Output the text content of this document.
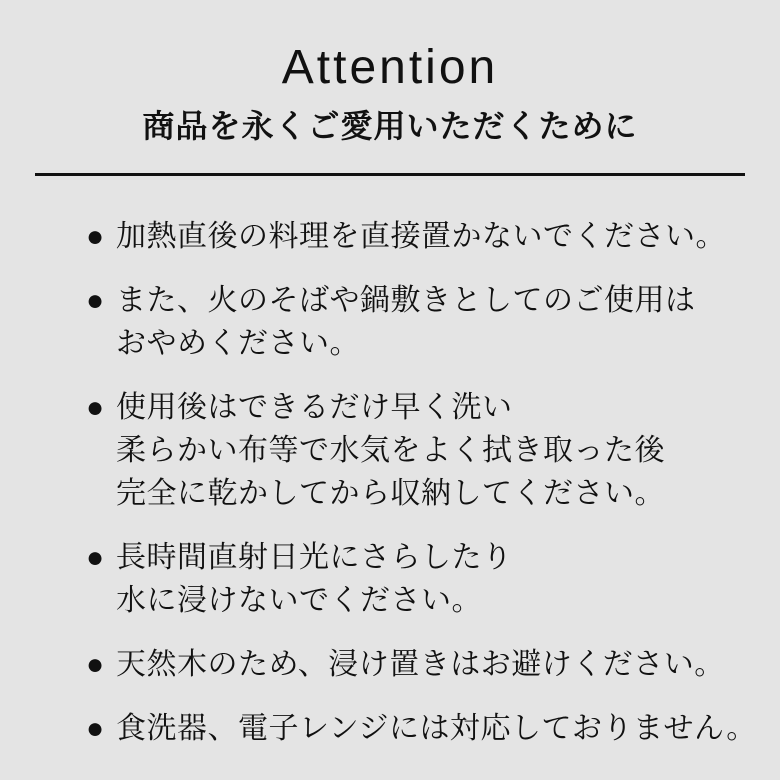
Attention
商品を永くご愛用いただくために
● 加熱直後の料理を直接置かないでください。
● また、火のそばや鍋敷きとしてのご使用は
おやめください。
● 使用後はできるだけ早く洗い
柔らかい布等で水気をよく拭き取った後
完全に乾かしてから収納してください。
● 長時間直射日光にさらしたり
水に浸けないでください。
● 天然木のため、浸け置きはお避けください。
● 食洗器、電子レンジには対応しておりません。
